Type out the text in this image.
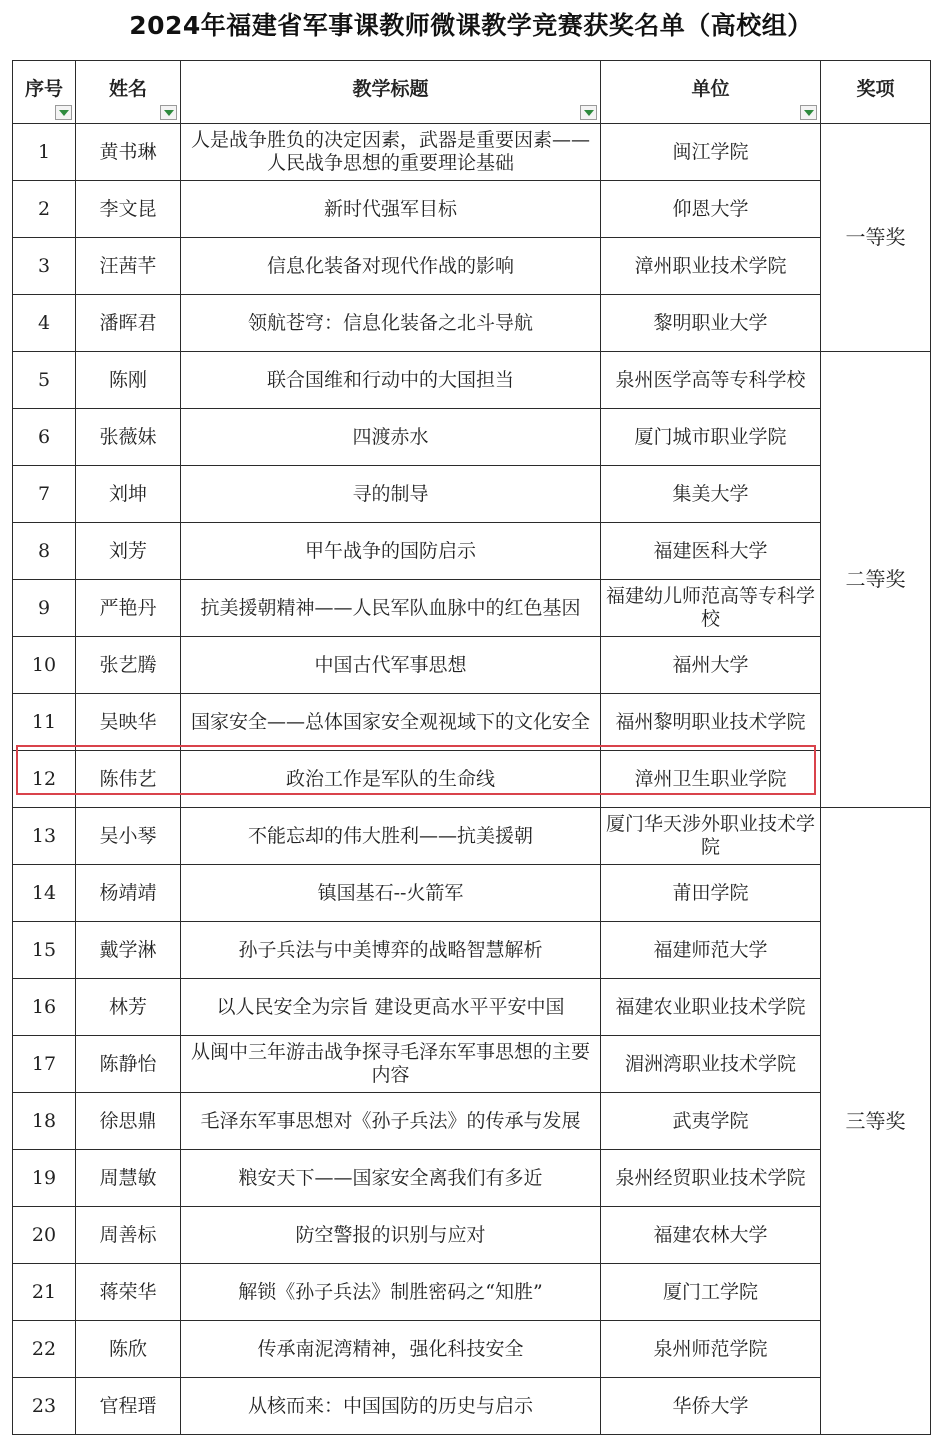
2024年福建省军事课教师微课教学竞赛获奖名单（高校组）
序号	姓名	教学标题	单位	奖项

1	黄书琳	人是战争胜负的决定因素，武器是重要因素——人民战争思想的重要理论基础	闽江学院	一等奖
2	李文昆	新时代强军目标	仰恩大学	
3	汪茜芊	信息化装备对现代作战的影响	漳州职业技术学院	
4	潘晖君	领航苍穹：信息化装备之北斗导航	黎明职业大学	
5	陈刚	联合国维和行动中的大国担当	泉州医学高等专科学校	二等奖
6	张薇妹	四渡赤水	厦门城市职业学院	
7	刘坤	寻的制导	集美大学	
8	刘芳	甲午战争的国防启示	福建医科大学	
9	严艳丹	抗美援朝精神——人民军队血脉中的红色基因	福建幼儿师范高等专科学校	
10	张艺腾	中国古代军事思想	福州大学	
11	吴映华	国家安全——总体国家安全观视域下的文化安全	福州黎明职业技术学院	
12	陈伟艺	政治工作是军队的生命线	漳州卫生职业学院	
13	吴小琴	不能忘却的伟大胜利——抗美援朝	厦门华天涉外职业技术学院	三等奖
14	杨靖靖	镇国基石--火箭军	莆田学院	
15	戴学淋	孙子兵法与中美博弈的战略智慧解析	福建师范大学	
16	林芳	以人民安全为宗旨 建设更高水平平安中国	福建农业职业技术学院	
17	陈静怡	从闽中三年游击战争探寻毛泽东军事思想的主要内容	湄洲湾职业技术学院	
18	徐思鼎	毛泽东军事思想对《孙子兵法》的传承与发展	武夷学院	
19	周慧敏	粮安天下——国家安全离我们有多近	泉州经贸职业技术学院	
20	周善标	防空警报的识别与应对	福建农林大学	
21	蒋荣华	解锁《孙子兵法》制胜密码之“知胜”	厦门工学院	
22	陈欣	传承南泥湾精神，强化科技安全	泉州师范学院	
23	官程瑨	从核而来：中国国防的历史与启示	华侨大学	
